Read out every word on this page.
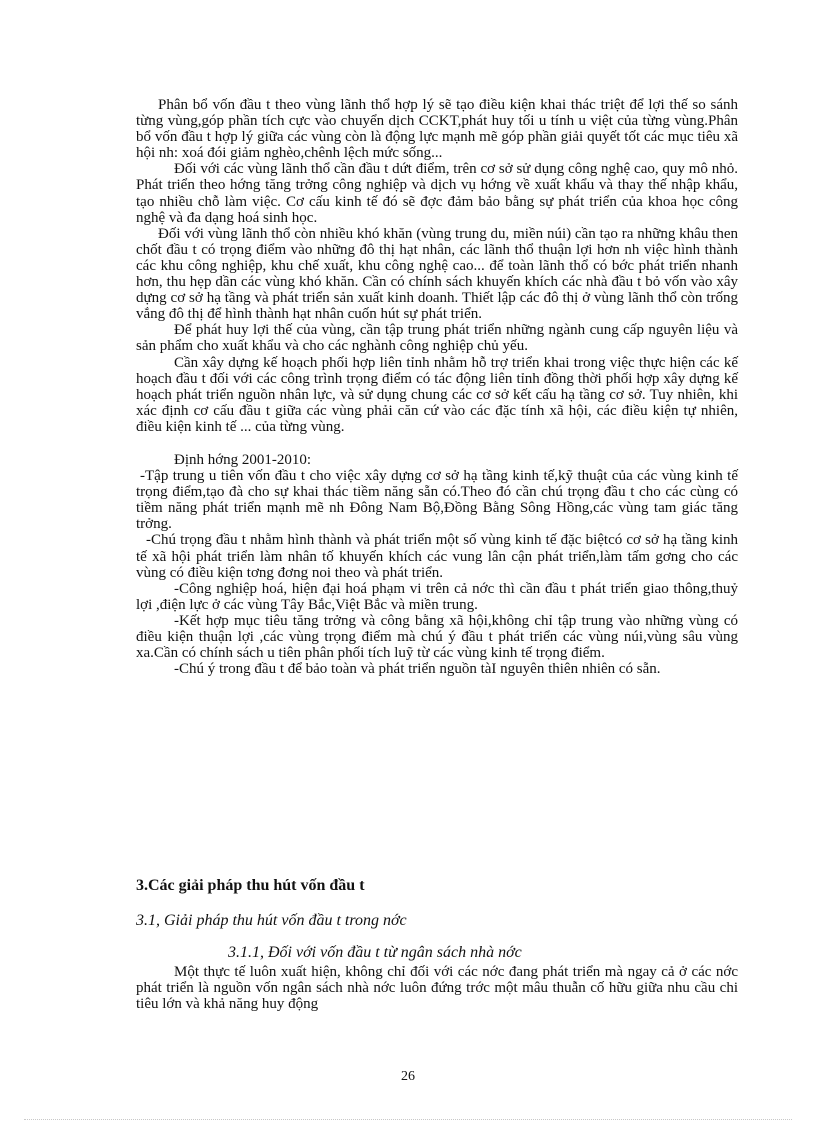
Phân bổ vốn đầu t theo vùng lãnh thổ hợp lý sẽ tạo điều kiện khai thác triệt để lợi thế so sánh từng vùng,góp phần tích cực vào chuyển dịch CCKT,phát huy tối u tính u việt của từng vùng.Phân bổ vốn đầu t hợp lý giữa các vùng còn là động lực mạnh mẽ góp phần giải quyết tốt các mục tiêu xã hội nh: xoá đói giảm nghèo,chênh lệch mức sống...

Đối với các vùng lãnh thổ cần đầu t dứt điểm, trên cơ sở sử dụng công nghệ cao, quy mô nhỏ. Phát triển theo hớng tăng trởng công nghiệp và dịch vụ hớng về xuất khẩu và thay thế nhập khẩu, tạo nhiều chỗ làm việc. Cơ cấu kinh tế đó sẽ đợc đảm bảo bằng sự phát triển của khoa học công nghệ và đa dạng hoá sinh học.

Đối với vùng lãnh thổ còn nhiều khó khăn (vùng trung du, miền núi) cần tạo ra những khâu then chốt đầu t có trọng điểm vào những đô thị hạt nhân, các lãnh thổ thuận lợi hơn nh việc hình thành các khu công nghiệp, khu chế xuất, khu công nghệ cao... để toàn lãnh thổ có bớc phát triển nhanh hơn, thu hẹp dần các vùng khó khăn. Cần có chính sách khuyến khích các nhà đầu t bỏ vốn vào xây dựng cơ sở hạ tầng và phát triển sản xuất kinh doanh. Thiết lập các đô thị ở vùng lãnh thổ còn trống vắng đô thị để hình thành hạt nhân cuốn hút sự phát triển.

Để phát huy lợi thế của vùng, cần tập trung phát triển những ngành cung cấp nguyên liệu và sản phẩm cho xuất khẩu và cho các nghành công nghiệp chủ yếu.

Cần xây dựng kế hoạch phối hợp liên tỉnh nhằm hỗ trợ triển khai trong việc thực hiện các kế hoạch đầu t đối với các công trình trọng điểm có tác động liên tỉnh đồng thời phối hợp xây dựng kế hoạch phát triển nguồn nhân lực, và sử dụng chung các cơ sở kết cấu hạ tầng cơ sở. Tuy nhiên, khi xác định cơ cấu đầu t giữa các vùng phải căn cứ vào các đặc tính xã hội, các điều kiện tự nhiên, điều kiện kinh tế ... của từng vùng.

Định hớng 2001-2010:

-Tập trung u tiên vốn đầu t cho việc xây dựng cơ sở hạ tầng kinh tế,kỹ thuật của các vùng kinh tế trọng điểm,tạo đà cho sự khai thác tiềm năng sẵn có.Theo đó cần chú trọng đầu t cho các cùng có tiềm năng phát triển mạnh mẽ nh Đông Nam Bộ,Đồng Bằng Sông Hồng,các vùng tam giác tăng trởng.

-Chú trọng đầu t nhằm hình thành và phát triển một số vùng kinh tế đặc biệtcó cơ sở hạ tầng kinh tế xã hội phát triển làm nhân tố khuyến khích các vung lân cận phát triển,làm tấm gơng cho các vùng có điều kiện tơng đơng noi theo và phát triển.

-Công nghiệp hoá, hiện đại hoá phạm vi trên cả nớc thì cần đầu t phát triển giao thông,thuỷ lợi ,điện lực ở các vùng Tây Bắc,Việt Bắc và miền trung.

-Kết hợp mục tiêu tăng trởng và công bằng xã hội,không chỉ tập trung vào những vùng có điều kiện thuận lợi ,các vùng trọng điểm mà chú ý đầu t phát triển các vùng núi,vùng sâu vùng xa.Cần có chính sách u tiên phân phối tích luỹ từ các vùng kinh tế trọng điểm.

-Chú ý trong đầu t để bảo toàn và phát triển nguồn tàI nguyên thiên nhiên có sẵn.

3.Các giải pháp thu hút vốn đầu t
3.1, Giải pháp thu hút vốn đầu t trong nớc
3.1.1, Đối với vốn đầu t từ ngân sách nhà nớc

Một thực tế luôn xuất hiện, không chỉ đối với các nớc đang phát triển mà ngay cả ở các nớc phát triển là nguồn vốn ngân sách nhà nớc luôn đứng trớc một mâu thuẫn cố hữu giữa nhu cầu chi tiêu lớn và khả năng huy động

26
